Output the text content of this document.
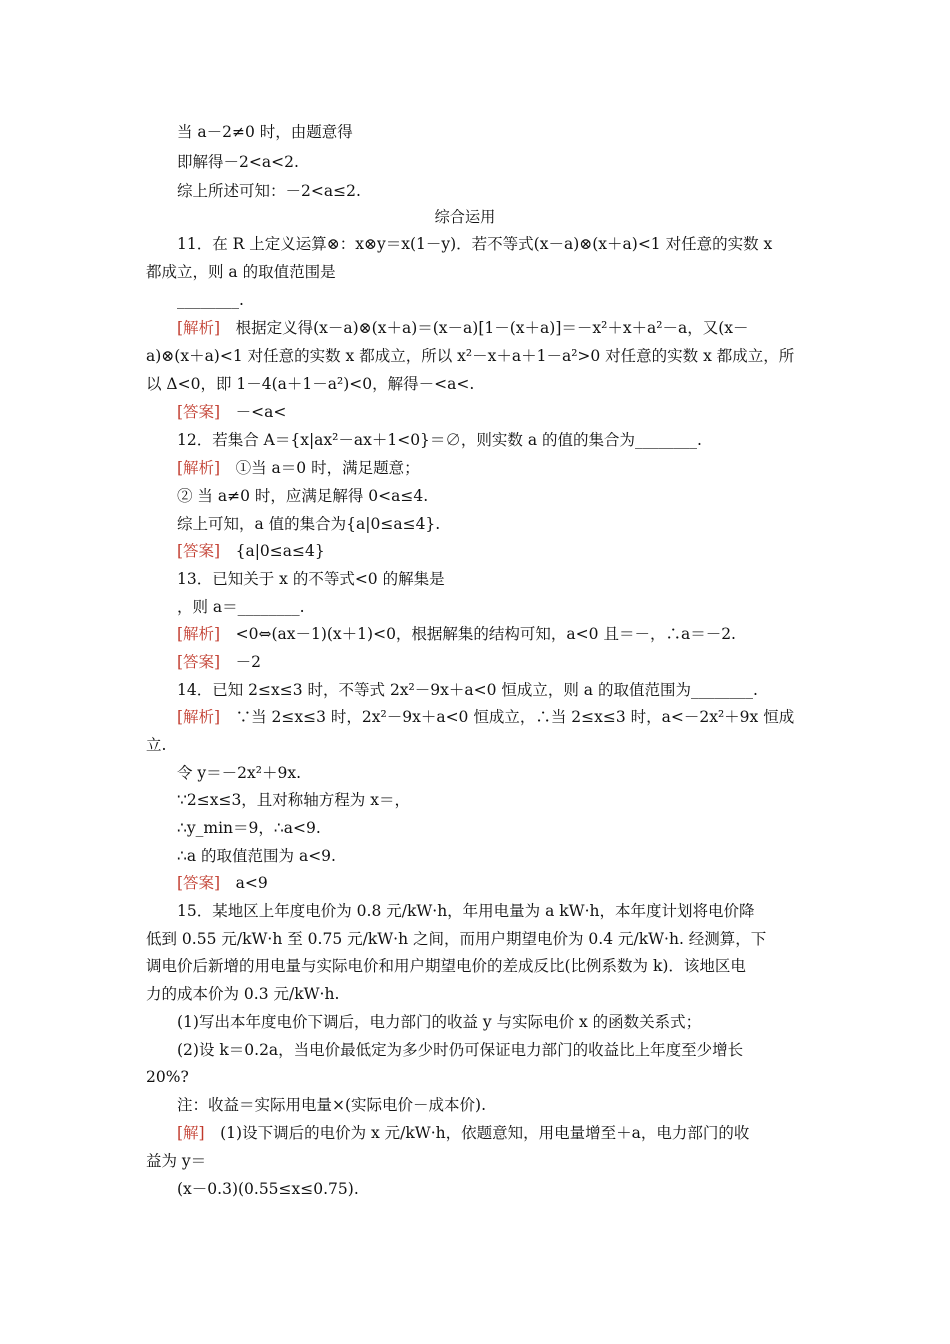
当 a－2≠0 时，由题意得
即解得－2<a<2.
综上所述可知：－2<a≤2.
综合运用
11．在 R 上定义运算⊗：x⊗y＝x(1－y)．若不等式(x－a)⊗(x＋a)<1 对任意的实数 x
都成立，则 a 的取值范围是
________.
[解析]　根据定义得(x－a)⊗(x＋a)＝(x－a)[1－(x＋a)]＝－x²＋x＋a²－a，又(x－
a)⊗(x＋a)<1 对任意的实数 x 都成立，所以 x²－x＋a＋1－a²>0 对任意的实数 x 都成立，所
以 Δ<0，即 1－4(a＋1－a²)<0，解得－<a<.
[答案]　－<a<
12．若集合 A＝{x|ax²－ax＋1<0}＝∅，则实数 a 的值的集合为________.
[解析]　①当 a＝0 时，满足题意；
② 当 a≠0 时，应满足解得 0<a≤4.
综上可知，a 值的集合为{a|0≤a≤4}.
[答案]　{a|0≤a≤4}
13．已知关于 x 的不等式<0 的解集是
，则 a＝________.
[解析]　<0⇔(ax－1)(x＋1)<0，根据解集的结构可知，a<0 且＝－，∴a＝－2.
[答案]　－2
14．已知 2≤x≤3 时，不等式 2x²－9x＋a<0 恒成立，则 a 的取值范围为________.
[解析]　∵当 2≤x≤3 时，2x²－9x＋a<0 恒成立，∴当 2≤x≤3 时，a<－2x²＋9x 恒成
立.
令 y＝－2x²＋9x.
∵2≤x≤3，且对称轴方程为 x＝，
∴y_min＝9，∴a<9.
∴a 的取值范围为 a<9.
[答案]　a<9
15．某地区上年度电价为 0.8 元/kW·h，年用电量为 a kW·h，本年度计划将电价降
低到 0.55 元/kW·h 至 0.75 元/kW·h 之间，而用户期望电价为 0.4 元/kW·h. 经测算，下
调电价后新增的用电量与实际电价和用户期望电价的差成反比(比例系数为 k)．该地区电
力的成本价为 0.3 元/kW·h.
(1)写出本年度电价下调后，电力部门的收益 y 与实际电价 x 的函数关系式；
(2)设 k＝0.2a，当电价最低定为多少时仍可保证电力部门的收益比上年度至少增长
20%?
注：收益＝实际用电量×(实际电价－成本价).
[解]　(1)设下调后的电价为 x 元/kW·h，依题意知，用电量增至＋a，电力部门的收
益为 y＝
(x－0.3)(0.55≤x≤0.75).
